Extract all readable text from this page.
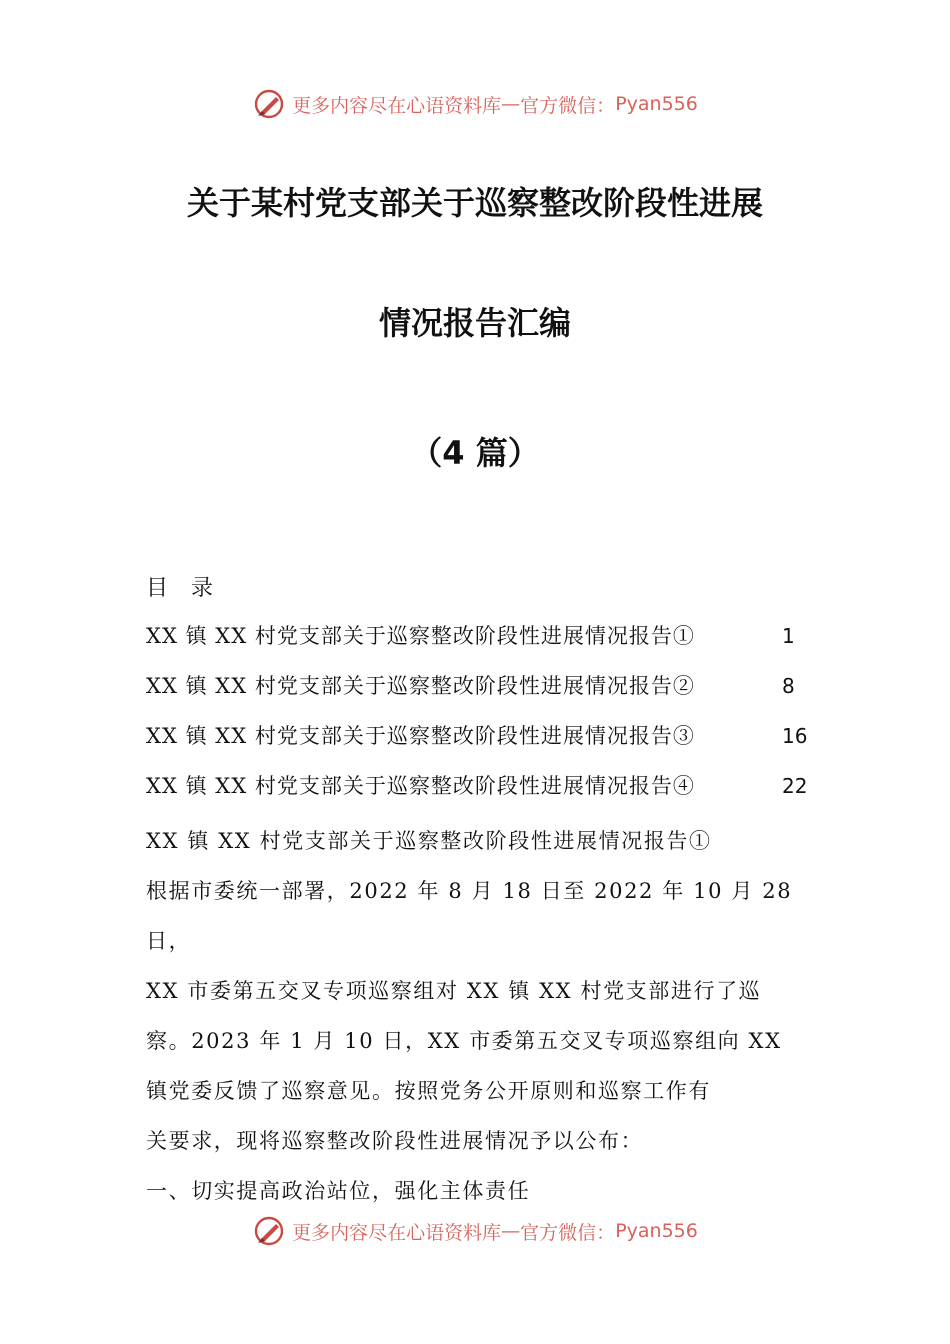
更多内容尽在心语资料库 — 官方微信： Pyan556
关于某村党支部关于巡察整改阶段性进展
情况报告汇编
（4 篇）
目 录
XX 镇 XX 村党支部关于巡察整改阶段性进展情况报告①	1
XX 镇 XX 村党支部关于巡察整改阶段性进展情况报告②	8
XX 镇 XX 村党支部关于巡察整改阶段性进展情况报告③	16
XX 镇 XX 村党支部关于巡察整改阶段性进展情况报告④	22

XX 镇 XX 村党支部关于巡察整改阶段性进展情况报告①

根据市委统一部署，2022 年 8 月 18 日至 2022 年 10 月 28 日，

XX 市委第五交叉专项巡察组对 XX 镇 XX 村党支部进行了巡

察。2023 年 1 月 10 日，XX 市委第五交叉专项巡察组向 XX

镇党委反馈了巡察意见。按照党务公开原则和巡察工作有

关要求，现将巡察整改阶段性进展情况予以公布：

一、切实提高政治站位，强化主体责任

更多内容尽在心语资料库 — 官方微信： Pyan556
